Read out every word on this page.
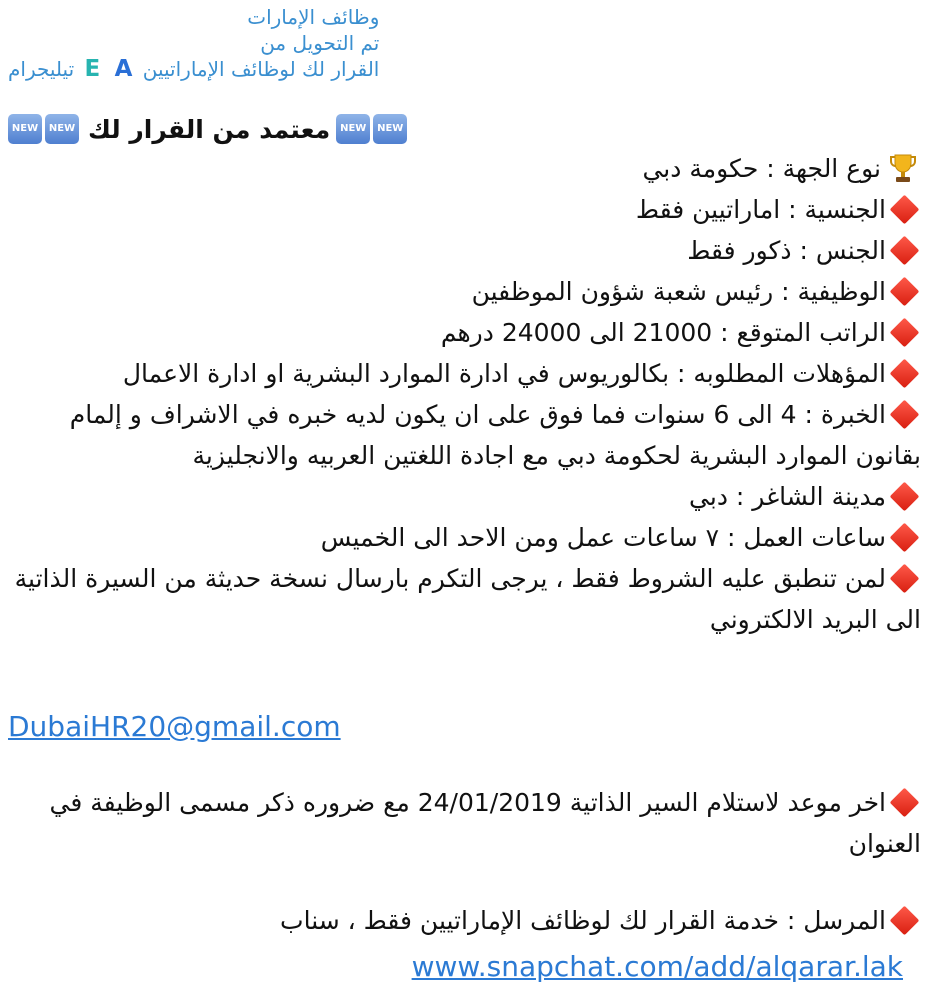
وظائف الإمارات
تم التحويل من
القرار لك لوظائف الإماراتيين E A تيليجرام
NEW	NEW معتمد من القرار لك NEW	NEW
نوع الجهة : حكومة دبي
الجنسية : اماراتيين فقط
الجنس : ذكور فقط
الوظيفية : رئيس شعبة شؤون الموظفين
الراتب المتوقع : 21000 الى 24000 درهم
المؤهلات المطلوبه : بكالوريوس في ادارة الموارد البشرية او ادارة الاعمال
الخبرة : 4 الى 6 سنوات فما فوق على ان يكون لديه خبره في الاشراف و إلمام بقانون الموارد البشرية لحكومة دبي مع اجادة اللغتين العربيه والانجليزية
مدينة الشاغر : دبي
ساعات العمل : ٧ ساعات عمل ومن الاحد الى الخميس
لمن تنطبق عليه الشروط فقط ، يرجى التكرم بارسال نسخة حديثة من السيرة الذاتية الى البريد الالكتروني
DubaiHR20@gmail.com
اخر موعد لاستلام السير الذاتية 24/01/2019 مع ضروره ذكر مسمى الوظيفة في العنوان
المرسل : خدمة القرار لك لوظائف الإماراتيين فقط ، سناب
www.snapchat.com/add/alqarar.lak
